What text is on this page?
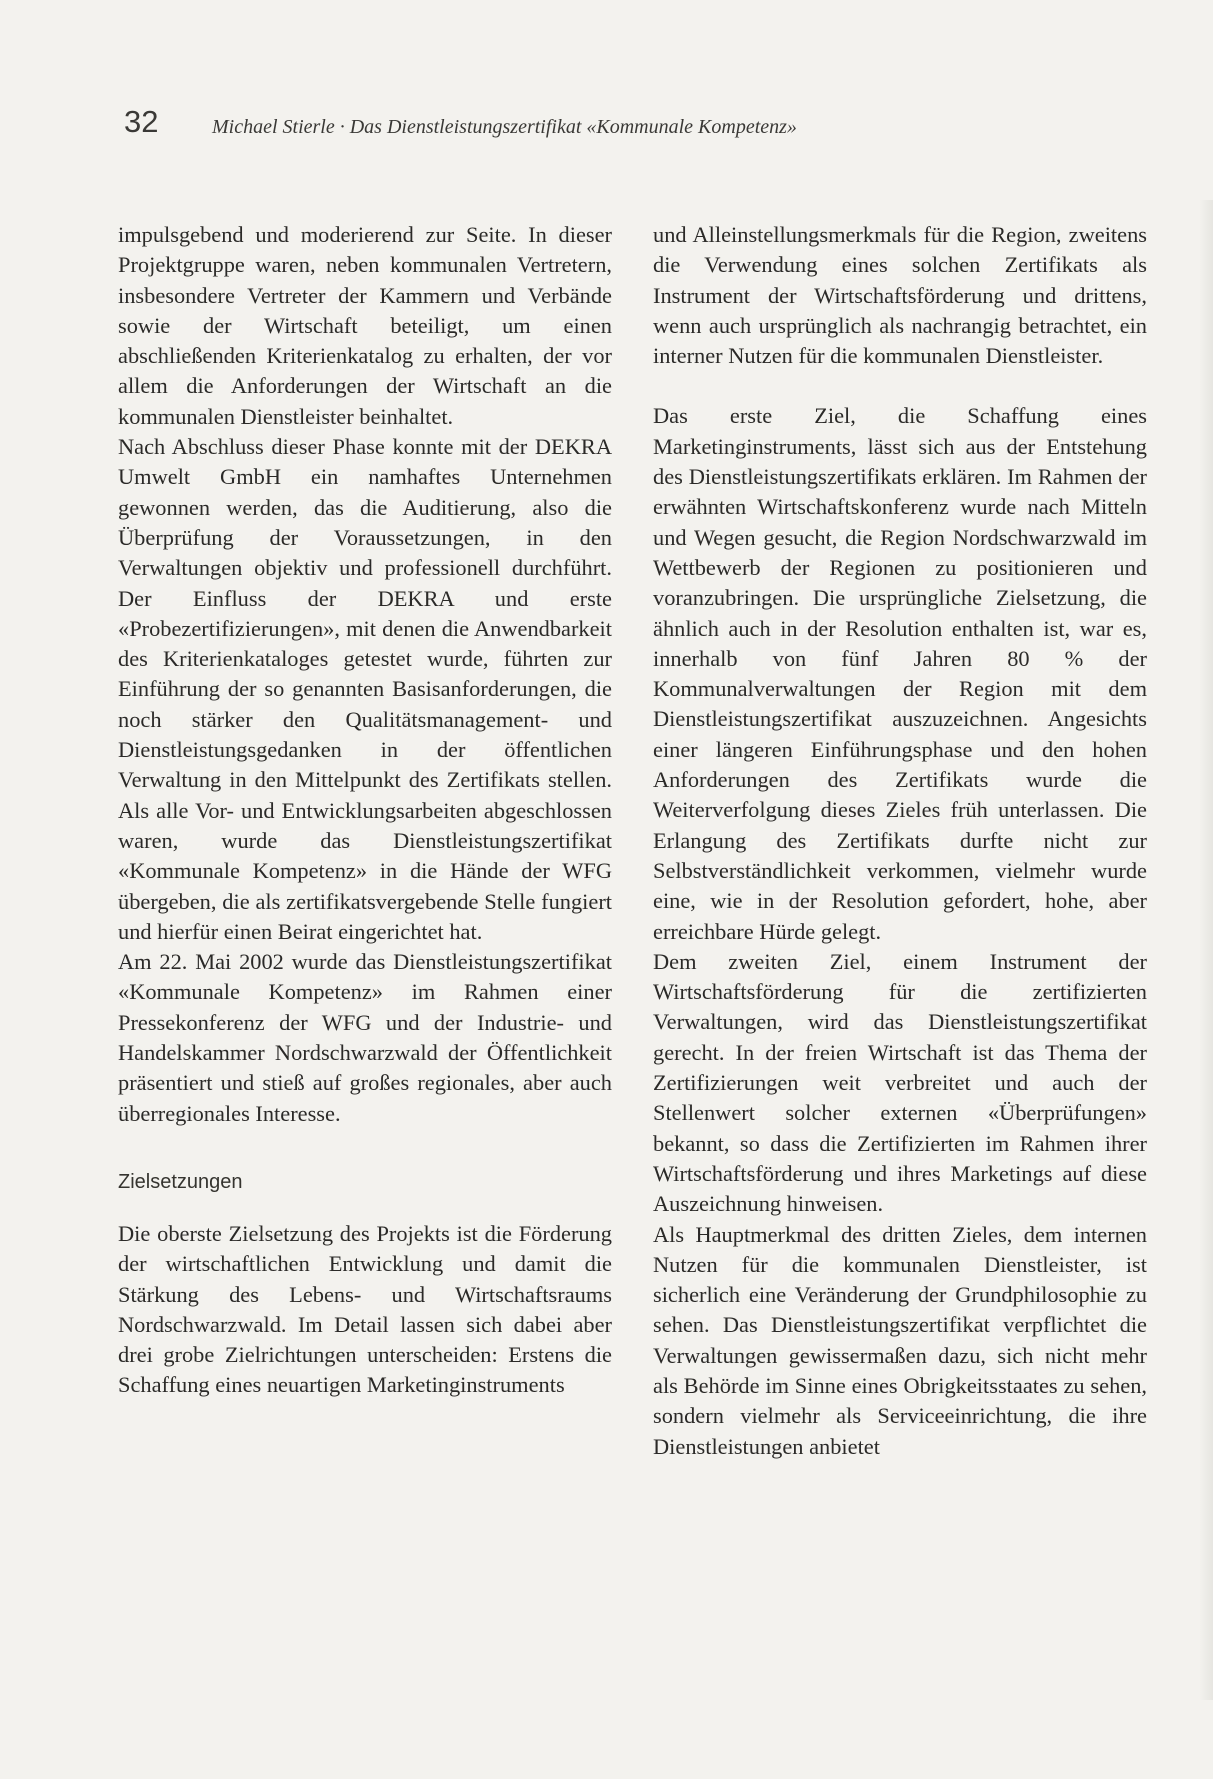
32	Michael Stierle · Das Dienstleistungszertifikat «Kommunale Kompetenz»

impulsgebend und moderierend zur Seite. In dieser Projektgruppe waren, neben kommunalen Vertretern, insbesondere Vertreter der Kammern und Verbände sowie der Wirtschaft beteiligt, um einen abschließenden Kriterienkatalog zu erhalten, der vor allem die Anforderungen der Wirtschaft an die kommunalen Dienstleister beinhaltet.

Nach Abschluss dieser Phase konnte mit der DEKRA Umwelt GmbH ein namhaftes Unternehmen gewonnen werden, das die Auditierung, also die Überprüfung der Voraussetzungen, in den Verwaltungen objektiv und professionell durchführt. Der Einfluss der DEKRA und erste «Probezertifizierungen», mit denen die Anwendbarkeit des Kriterienkataloges getestet wurde, führten zur Einführung der so genannten Basisanforderungen, die noch stärker den Qualitätsmanagement- und Dienstleistungsgedanken in der öffentlichen Verwaltung in den Mittelpunkt des Zertifikats stellen. Als alle Vor- und Entwicklungsarbeiten abgeschlossen waren, wurde das Dienstleistungszertifikat «Kommunale Kompetenz» in die Hände der WFG übergeben, die als zertifikatsvergebende Stelle fungiert und hierfür einen Beirat eingerichtet hat.

Am 22. Mai 2002 wurde das Dienstleistungszertifikat «Kommunale Kompetenz» im Rahmen einer Pressekonferenz der WFG und der Industrie- und Handelskammer Nordschwarzwald der Öffentlichkeit präsentiert und stieß auf großes regionales, aber auch überregionales Interesse.

Zielsetzungen

Die oberste Zielsetzung des Projekts ist die Förderung der wirtschaftlichen Entwicklung und damit die Stärkung des Lebens- und Wirtschaftsraums Nordschwarzwald. Im Detail lassen sich dabei aber drei grobe Zielrichtungen unterscheiden: Erstens die Schaffung eines neuartigen Marketinginstruments

und Alleinstellungsmerkmals für die Region, zweitens die Verwendung eines solchen Zertifikats als Instrument der Wirtschaftsförderung und drittens, wenn auch ursprünglich als nachrangig betrachtet, ein interner Nutzen für die kommunalen Dienstleister.

Das erste Ziel, die Schaffung eines Marketinginstruments, lässt sich aus der Entstehung des Dienstleistungszertifikats erklären. Im Rahmen der erwähnten Wirtschaftskonferenz wurde nach Mitteln und Wegen gesucht, die Region Nordschwarzwald im Wettbewerb der Regionen zu positionieren und voranzubringen. Die ursprüngliche Zielsetzung, die ähnlich auch in der Resolution enthalten ist, war es, innerhalb von fünf Jahren 80 % der Kommunalverwaltungen der Region mit dem Dienstleistungszertifikat auszuzeichnen. Angesichts einer längeren Einführungsphase und den hohen Anforderungen des Zertifikats wurde die Weiterverfolgung dieses Zieles früh unterlassen. Die Erlangung des Zertifikats durfte nicht zur Selbstverständlichkeit verkommen, vielmehr wurde eine, wie in der Resolution gefordert, hohe, aber erreichbare Hürde gelegt.

Dem zweiten Ziel, einem Instrument der Wirtschaftsförderung für die zertifizierten Verwaltungen, wird das Dienstleistungszertifikat gerecht. In der freien Wirtschaft ist das Thema der Zertifizierungen weit verbreitet und auch der Stellenwert solcher externen «Überprüfungen» bekannt, so dass die Zertifizierten im Rahmen ihrer Wirtschaftsförderung und ihres Marketings auf diese Auszeichnung hinweisen.

Als Hauptmerkmal des dritten Zieles, dem internen Nutzen für die kommunalen Dienstleister, ist sicherlich eine Veränderung der Grundphilosophie zu sehen. Das Dienstleistungszertifikat verpflichtet die Verwaltungen gewissermaßen dazu, sich nicht mehr als Behörde im Sinne eines Obrigkeitsstaates zu sehen, sondern vielmehr als Serviceeinrichtung, die ihre Dienstleistungen anbietet
